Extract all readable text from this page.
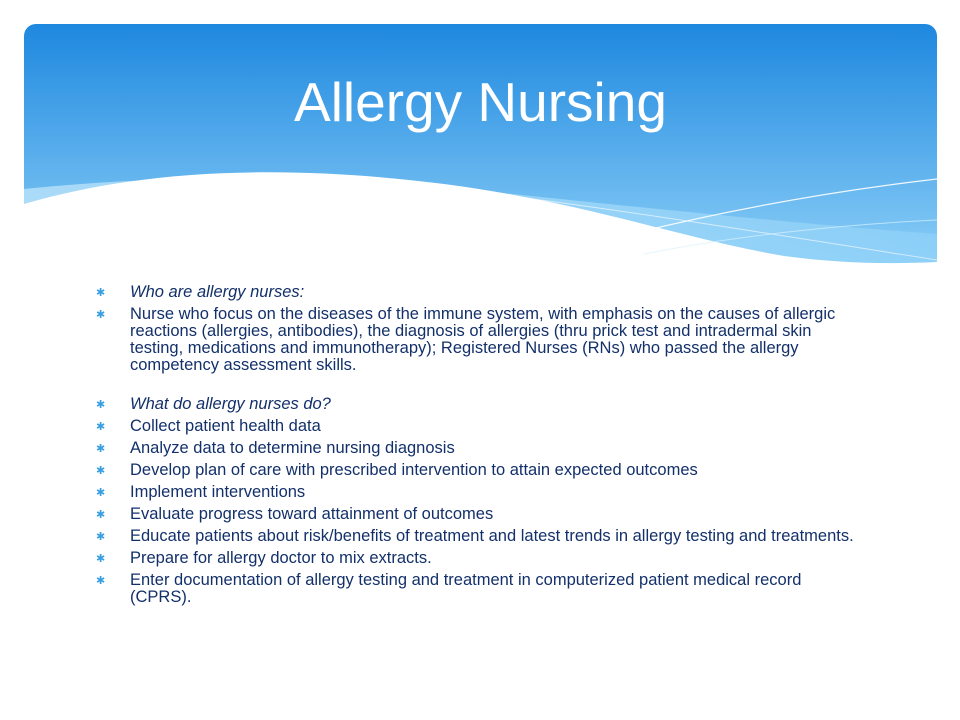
Allergy Nursing
✱ Who are allergy nurses:
✱ Nurse who focus on the diseases of the immune system, with emphasis on the causes of allergic reactions (allergies, antibodies), the diagnosis of allergies (thru prick test and intradermal skin testing, medications and immunotherapy); Registered Nurses (RNs) who passed the allergy competency assessment skills.
✱ What do allergy nurses do?
✱ Collect patient health data
✱ Analyze data to determine nursing diagnosis
✱ Develop plan of care with prescribed intervention to attain expected outcomes
✱ Implement interventions
✱ Evaluate progress toward attainment of outcomes
✱ Educate patients about risk/benefits of treatment and latest trends in allergy testing and treatments.
✱ Prepare for allergy doctor to mix extracts.
✱ Enter documentation of allergy testing and treatment in computerized patient medical record (CPRS).
